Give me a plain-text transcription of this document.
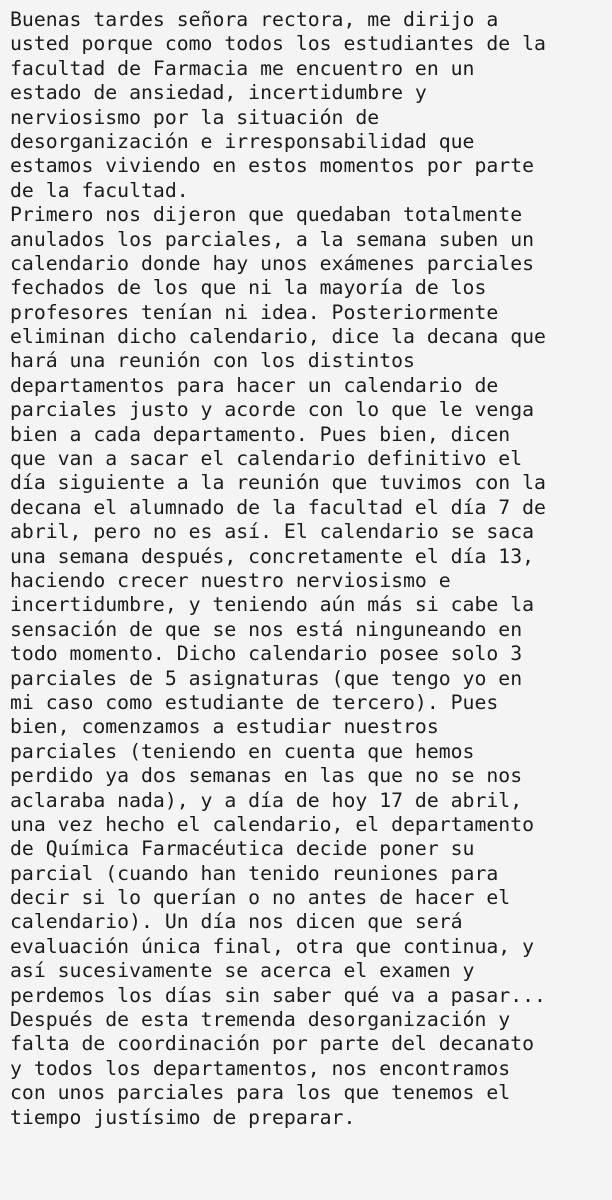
Buenas tardes señora rectora, me dirijo a
usted porque como todos los estudiantes de la
facultad de Farmacia me encuentro en un
estado de ansiedad, incertidumbre y
nerviosismo por la situación de
desorganización e irresponsabilidad que
estamos viviendo en estos momentos por parte
de la facultad.
Primero nos dijeron que quedaban totalmente
anulados los parciales, a la semana suben un
calendario donde hay unos exámenes parciales
fechados de los que ni la mayoría de los
profesores tenían ni idea. Posteriormente
eliminan dicho calendario, dice la decana que
hará una reunión con los distintos
departamentos para hacer un calendario de
parciales justo y acorde con lo que le venga
bien a cada departamento. Pues bien, dicen
que van a sacar el calendario definitivo el
día siguiente a la reunión que tuvimos con la
decana el alumnado de la facultad el día 7 de
abril, pero no es así. El calendario se saca
una semana después, concretamente el día 13,
haciendo crecer nuestro nerviosismo e
incertidumbre, y teniendo aún más si cabe la
sensación de que se nos está ninguneando en
todo momento. Dicho calendario posee solo 3
parciales de 5 asignaturas (que tengo yo en
mi caso como estudiante de tercero). Pues
bien, comenzamos a estudiar nuestros
parciales (teniendo en cuenta que hemos
perdido ya dos semanas en las que no se nos
aclaraba nada), y a día de hoy 17 de abril,
una vez hecho el calendario, el departamento
de Química Farmacéutica decide poner su
parcial (cuando han tenido reuniones para
decir si lo querían o no antes de hacer el
calendario). Un día nos dicen que será
evaluación única final, otra que continua, y
así sucesivamente se acerca el examen y
perdemos los días sin saber qué va a pasar...
Después de esta tremenda desorganización y
falta de coordinación por parte del decanato
y todos los departamentos, nos encontramos
con unos parciales para los que tenemos el
tiempo justísimo de preparar.
